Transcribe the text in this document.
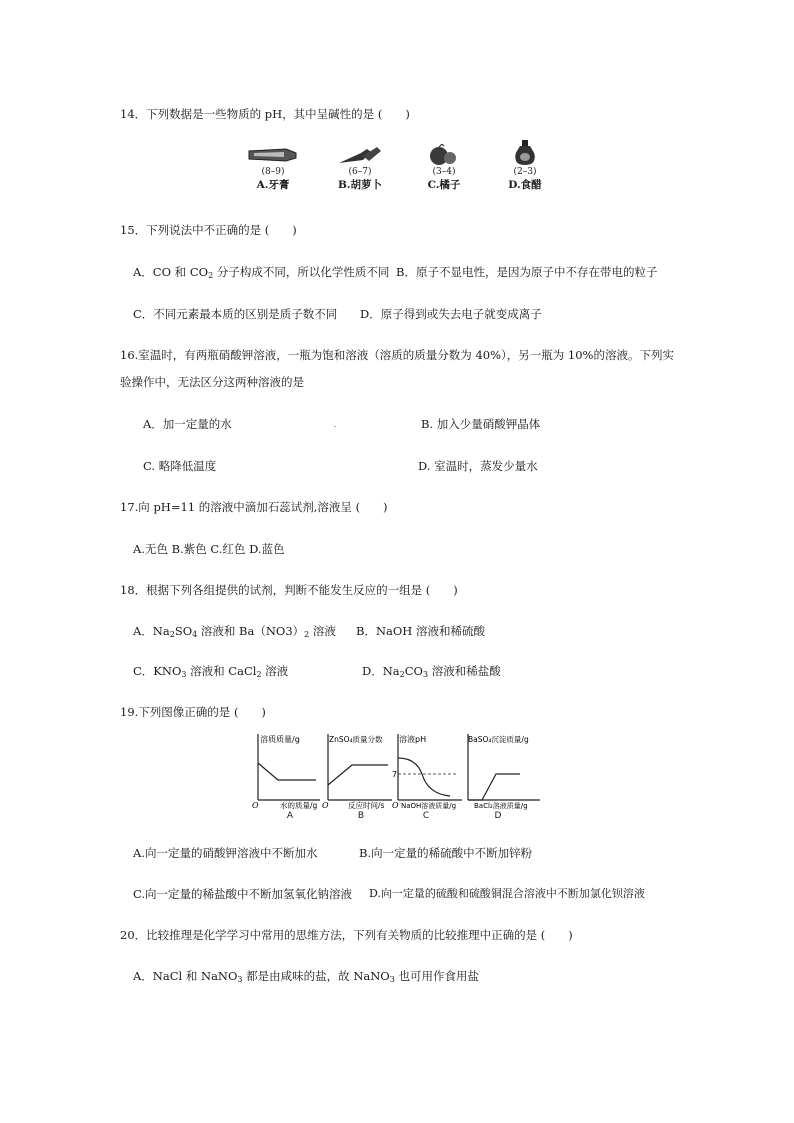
14．下列数据是一些物质的 pH，其中呈碱性的是 (　　)
(8–9)
A.牙膏
(6–7)
B.胡萝卜
(3–4)
C.橘子
(2–3)
D.食醋
15．下列说法中不正确的是 (　　)
A．CO 和 $CO_2$ 分子构成不同，所以化学性质不同 B．原子不显电性，是因为原子中不存在带电的粒子
C．不同元素最本质的区别是质子数不同 D．原子得到或失去电子就变成离子
16.室温时，有两瓶硝酸钾溶液，一瓶为饱和溶液（溶质的质量分数为 40%），另一瓶为 10%的溶液。下列实
验操作中，无法区分这两种溶液的是
A．加一定量的水	B. 加入少量硝酸钾晶体
C. 略降低温度	D. 室温时，蒸发少量水
17.向 pH=11 的溶液中滴加石蕊试剂,溶液呈 (　　)
A.无色 B.紫色 C.红色 D.蓝色
18．根据下列各组提供的试剂，判断不能发生反应的一组是 (　　)
A．$Na_2SO_4$ 溶液和 $Ba(NO3)_2$ 溶液 B．NaOH 溶液和稀硫酸
C．$KNO_3$ 溶液和 CaCl$_2$ 溶液	D．$Na_2CO_3$ 溶液和稀盐酸
19.下列图像正确的是 (　　)
溶质质量/g
O	水的质量/g
A
ZnSO₄质量分数
O	反应时间/s
B
溶液pH
7
O NaOH溶液质量/g
C
BaSO₄沉淀质量/g
BaCl₂溶液质量/g
D
A.向一定量的硝酸钾溶液中不断加水	B.向一定量的稀硫酸中不断加锌粉
C.向一定量的稀盐酸中不断加氢氧化钠溶液 D.向一定量的硫酸和硫酸铜混合溶液中不断加氯化钡溶液
20．比较推理是化学学习中常用的思维方法，下列有关物质的比较推理中正确的是 (　　)
A．NaCl 和 NaNO$_3$ 都是由咸味的盐，故 NaNO$_3$ 也可用作食用盐
